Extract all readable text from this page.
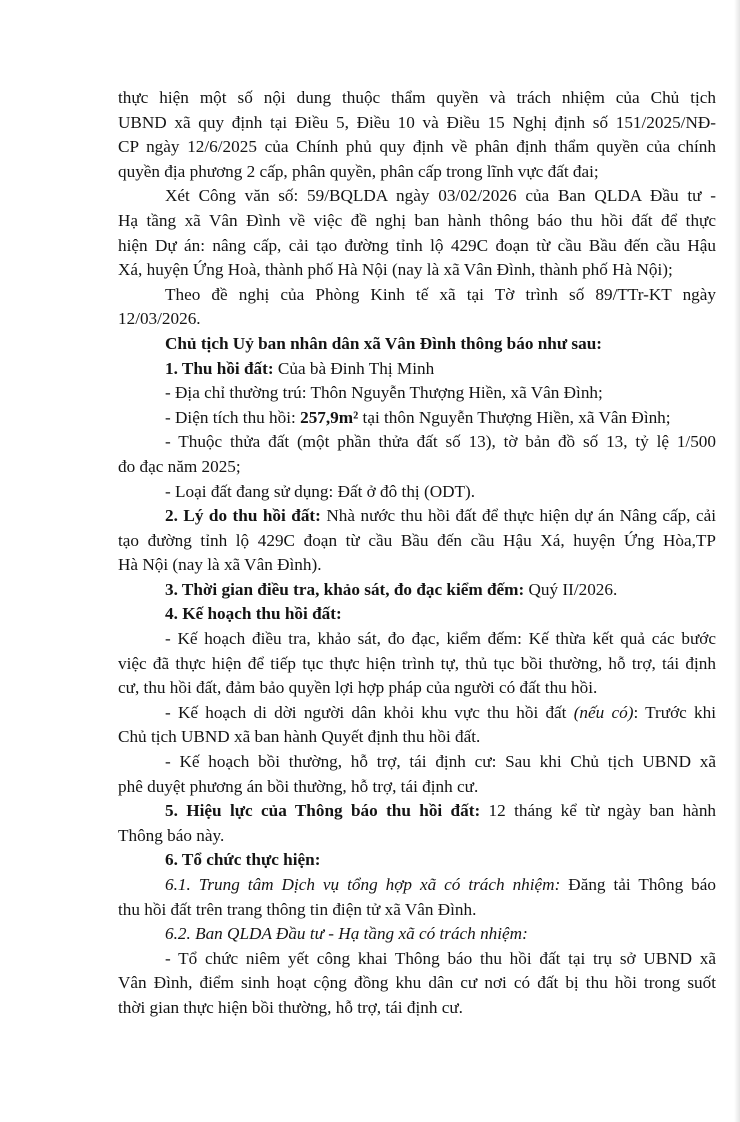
thực hiện một số nội dung thuộc thẩm quyền và trách nhiệm của Chủ tịch

UBND xã quy định tại Điều 5, Điều 10 và Điều 15 Nghị định số 151/2025/NĐ-

CP ngày 12/6/2025 của Chính phủ quy định về phân định thẩm quyền của chính

quyền địa phương 2 cấp, phân quyền, phân cấp trong lĩnh vực đất đai;

Xét Công văn số: 59/BQLDA ngày 03/02/2026 của Ban QLDA Đầu tư -

Hạ tầng xã Vân Đình về việc đề nghị ban hành thông báo thu hồi đất để thực

hiện Dự án: nâng cấp, cải tạo đường tỉnh lộ 429C đoạn từ cầu Bầu đến cầu Hậu

Xá, huyện Ứng Hoà, thành phố Hà Nội (nay là xã Vân Đình, thành phố Hà Nội);

Theo đề nghị của Phòng Kinh tế xã tại Tờ trình số 89/TTr-KT ngày

12/03/2026.

Chủ tịch Uỷ ban nhân dân xã Vân Đình thông báo như sau:

1. Thu hồi đất: Của bà Đinh Thị Minh

- Địa chỉ thường trú: Thôn Nguyễn Thượng Hiền, xã Vân Đình;

- Diện tích thu hồi: 257,9m² tại thôn Nguyễn Thượng Hiền, xã Vân Đình;

- Thuộc thửa đất (một phần thửa đất số 13), tờ bản đồ số 13, tỷ lệ 1/500

đo đạc năm 2025;

- Loại đất đang sử dụng: Đất ở đô thị (ODT).

2. Lý do thu hồi đất: Nhà nước thu hồi đất để thực hiện dự án Nâng cấp, cải

tạo đường tỉnh lộ 429C đoạn từ cầu Bầu đến cầu Hậu Xá, huyện Ứng Hòa,TP

Hà Nội (nay là xã Vân Đình).

3. Thời gian điều tra, khảo sát, đo đạc kiểm đếm: Quý II/2026.

4. Kế hoạch thu hồi đất:

- Kế hoạch điều tra, khảo sát, đo đạc, kiểm đếm: Kế thừa kết quả các bước

việc đã thực hiện để tiếp tục thực hiện trình tự, thủ tục bồi thường, hỗ trợ, tái định

cư, thu hồi đất, đảm bảo quyền lợi hợp pháp của người có đất thu hồi.

- Kế hoạch di dời người dân khỏi khu vực thu hồi đất (nếu có): Trước khi

Chủ tịch UBND xã ban hành Quyết định thu hồi đất.

- Kế hoạch bồi thường, hỗ trợ, tái định cư: Sau khi Chủ tịch UBND xã

phê duyệt phương án bồi thường, hỗ trợ, tái định cư.

5. Hiệu lực của Thông báo thu hồi đất: 12 tháng kể từ ngày ban hành

Thông báo này.

6. Tổ chức thực hiện:

6.1. Trung tâm Dịch vụ tổng hợp xã có trách nhiệm: Đăng tải Thông báo

thu hồi đất trên trang thông tin điện tử xã Vân Đình.

6.2. Ban QLDA Đầu tư - Hạ tầng xã có trách nhiệm:

- Tổ chức niêm yết công khai Thông báo thu hồi đất tại trụ sở UBND xã

Vân Đình, điểm sinh hoạt cộng đồng khu dân cư nơi có đất bị thu hồi trong suốt

thời gian thực hiện bồi thường, hỗ trợ, tái định cư.
